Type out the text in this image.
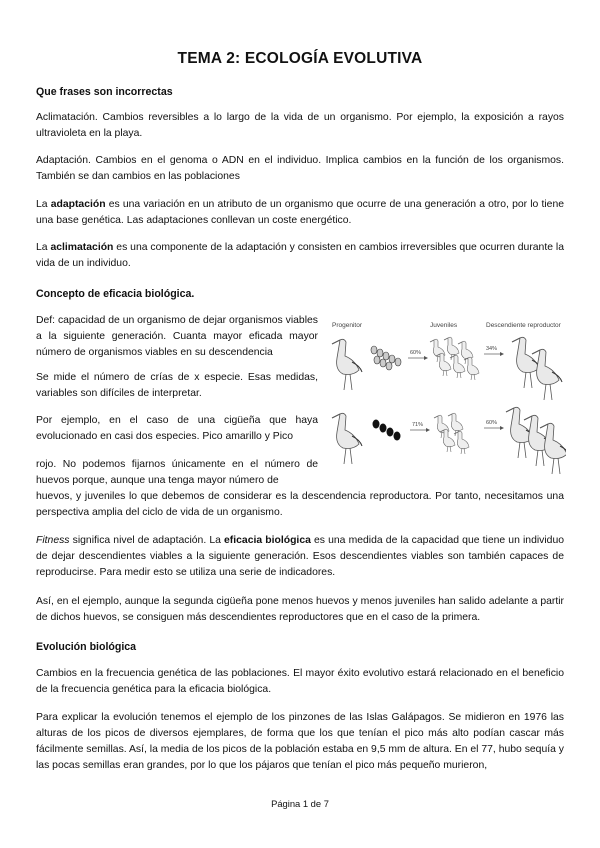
TEMA 2: ECOLOGÍA EVOLUTIVA
Que frases son incorrectas

Aclimatación. Cambios reversibles a lo largo de la vida de un organismo. Por ejemplo, la exposición a rayos ultravioleta en la playa.

Adaptación. Cambios en el genoma o ADN en el individuo. Implica cambios en la función de los organismos. También se dan cambios en las poblaciones

La adaptación es una variación en un atributo de un organismo que ocurre de una generación a otro, por lo tiene una base genética. Las adaptaciones conllevan un coste energético.

La aclimatación es una componente de la adaptación y consisten en cambios irreversibles que ocurren durante la vida de un individuo.

Concepto de eficacia biológica.

Def: capacidad de un organismo de dejar organismos viables a la siguiente generación. Cuanta mayor eficada mayor número de organismos viables en su descendencia

Se mide el número de crías de x especie. Esas medidas, variables son difíciles de interpretar.

Por ejemplo, en el caso de una cigüeña que haya evolucionado en casi dos especies. Pico amarillo y Pico

rojo. No podemos fijarnos únicamente en el número de huevos porque, aunque una tenga mayor número de

huevos, y juveniles lo que debemos de considerar es la descendencia reproductora. Por tanto, necesitamos una perspectiva amplia del ciclo de vida de un organismo.

Fitness significa nivel de adaptación. La eficacia biológica es una medida de la capacidad que tiene un individuo de dejar descendientes viables a la siguiente generación. Esos descendientes viables son también capaces de reproducirse. Para medir esto se utiliza una serie de indicadores.

Así, en el ejemplo, aunque la segunda cigüeña pone menos huevos y menos juveniles han salido adelante a partir de dichos huevos, se consiguen más descendientes reproductores que en el caso de la primera.

Evolución biológica

Cambios en la frecuencia genética de las poblaciones. El mayor éxito evolutivo estará relacionado en el beneficio de la frecuencia genética para la eficacia biológica.

Para explicar la evolución tenemos el ejemplo de los pinzones de las Islas Galápagos. Se midieron en 1976 las alturas de los picos de diversos ejemplares, de forma que los que tenían el pico más alto podían cascar más fácilmente semillas. Así, la media de los picos de la población estaba en 9,5 mm de altura. En el 77, hubo sequía y las pocas semillas eran grandes, por lo que los pájaros que tenían el pico más pequeño murieron,

Página 1 de 7
Progenitor	Juveniles	Descendiente reproductor
60%
34%
71%	60%
